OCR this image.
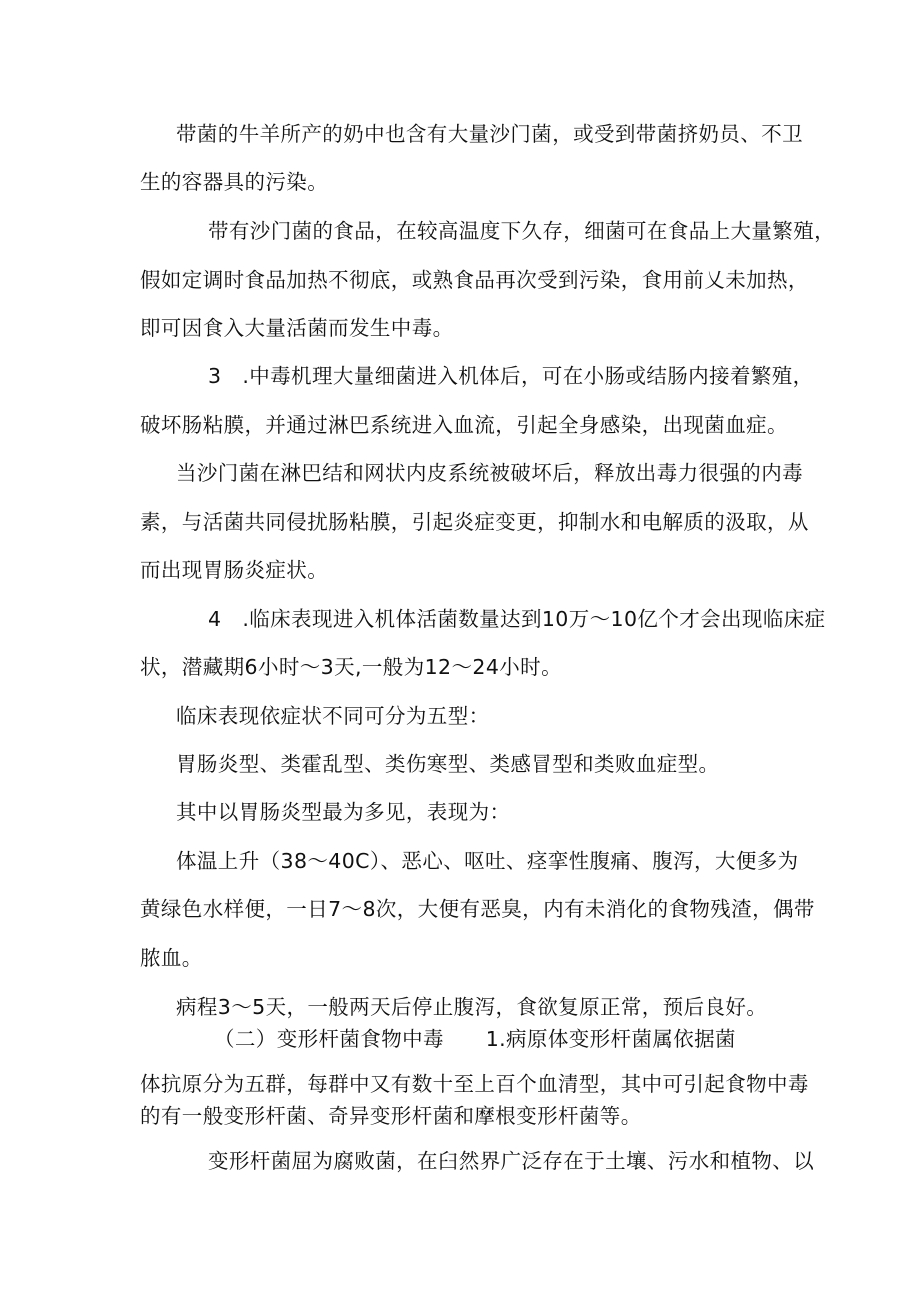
带菌的牛羊所产的奶中也含有大量沙门菌，或受到带菌挤奶员、不卫

生的容器具的污染。

带有沙门菌的食品，在较高温度下久存，细菌可在食品上大量繁殖，

假如定调时食品加热不彻底，或熟食品再次受到污染，食用前乂未加热，

即可因食入大量活菌而发生中毒。

3　.中毒机理大量细菌进入机体后，可在小肠或结肠内接着繁殖，

破坏肠粘膜，并通过淋巴系统进入血流，引起全身感染，出现菌血症。

当沙门菌在淋巴结和网状内皮系统被破坏后，释放出毒力很强的内毒

素，与活菌共同侵扰肠粘膜，引起炎症变更，抑制水和电解质的汲取，从

而出现胃肠炎症状。

4　.临床表现进入机体活菌数量达到10万～10亿个才会出现临床症

状，潜藏期6小时～3天,一般为12～24小时。

临床表现依症状不同可分为五型：

胃肠炎型、类霍乱型、类伤寒型、类感冒型和类败血症型。

其中以胃肠炎型最为多见，表现为：

体温上升（38～40C）、恶心、呕吐、痉挛性腹痛、腹泻，大便多为

黄绿色水样便，一日7～8次，大便有恶臭，内有未消化的食物残渣，偶带

脓血。

病程3～5天，一般两天后停止腹泻，食欲复原正常，预后良好。

（二）变形杆菌食物中毒　　1.病原体变形杆菌属依据菌

体抗原分为五群，每群中又有数十至上百个血清型，其中可引起食物中毒

的有一般变形杆菌、奇异变形杆菌和摩根变形杆菌等。

变形杆菌屈为腐败菌，在臼然界广泛存在于土壤、污水和植物、以
